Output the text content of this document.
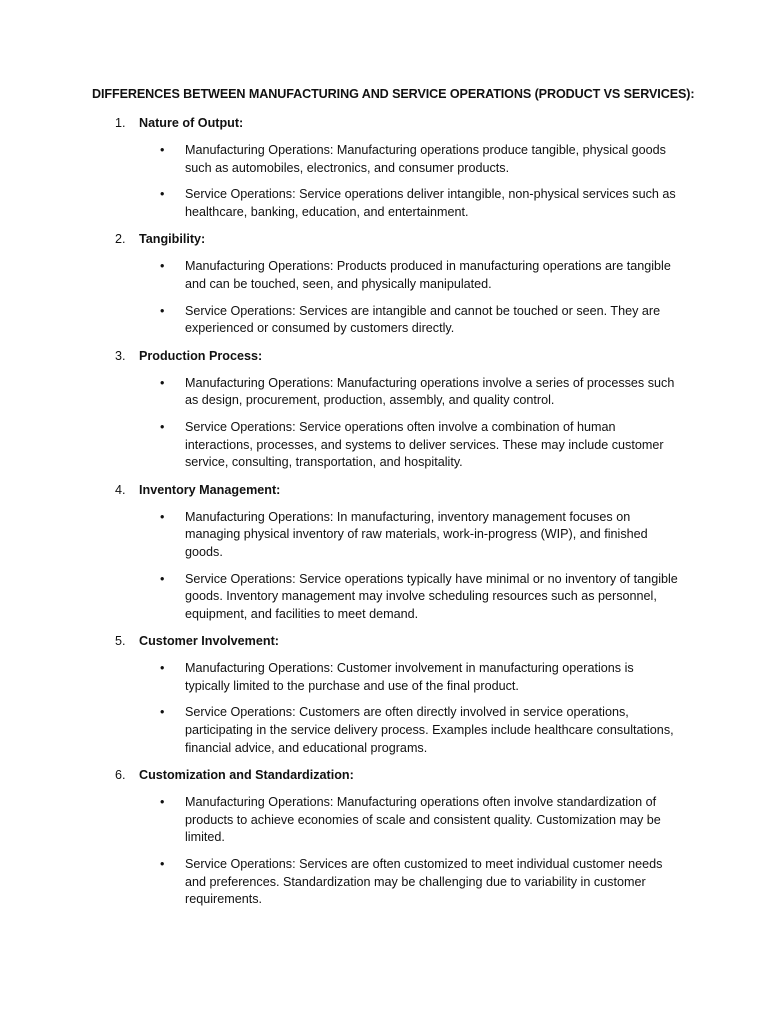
DIFFERENCES BETWEEN MANUFACTURING AND SERVICE OPERATIONS (PRODUCT VS SERVICES):
1. Nature of Output:
• Manufacturing Operations: Manufacturing operations produce tangible, physical goods such as automobiles, electronics, and consumer products.
• Service Operations: Service operations deliver intangible, non-physical services such as healthcare, banking, education, and entertainment.
2. Tangibility:
• Manufacturing Operations: Products produced in manufacturing operations are tangible and can be touched, seen, and physically manipulated.
• Service Operations: Services are intangible and cannot be touched or seen. They are experienced or consumed by customers directly.
3. Production Process:
• Manufacturing Operations: Manufacturing operations involve a series of processes such as design, procurement, production, assembly, and quality control.
• Service Operations: Service operations often involve a combination of human interactions, processes, and systems to deliver services. These may include customer service, consulting, transportation, and hospitality.
4. Inventory Management:
• Manufacturing Operations: In manufacturing, inventory management focuses on managing physical inventory of raw materials, work-in-progress (WIP), and finished goods.
• Service Operations: Service operations typically have minimal or no inventory of tangible goods. Inventory management may involve scheduling resources such as personnel, equipment, and facilities to meet demand.
5. Customer Involvement:
• Manufacturing Operations: Customer involvement in manufacturing operations is typically limited to the purchase and use of the final product.
• Service Operations: Customers are often directly involved in service operations, participating in the service delivery process. Examples include healthcare consultations, financial advice, and educational programs.
6. Customization and Standardization:
• Manufacturing Operations: Manufacturing operations often involve standardization of products to achieve economies of scale and consistent quality. Customization may be limited.
• Service Operations: Services are often customized to meet individual customer needs and preferences. Standardization may be challenging due to variability in customer requirements.
